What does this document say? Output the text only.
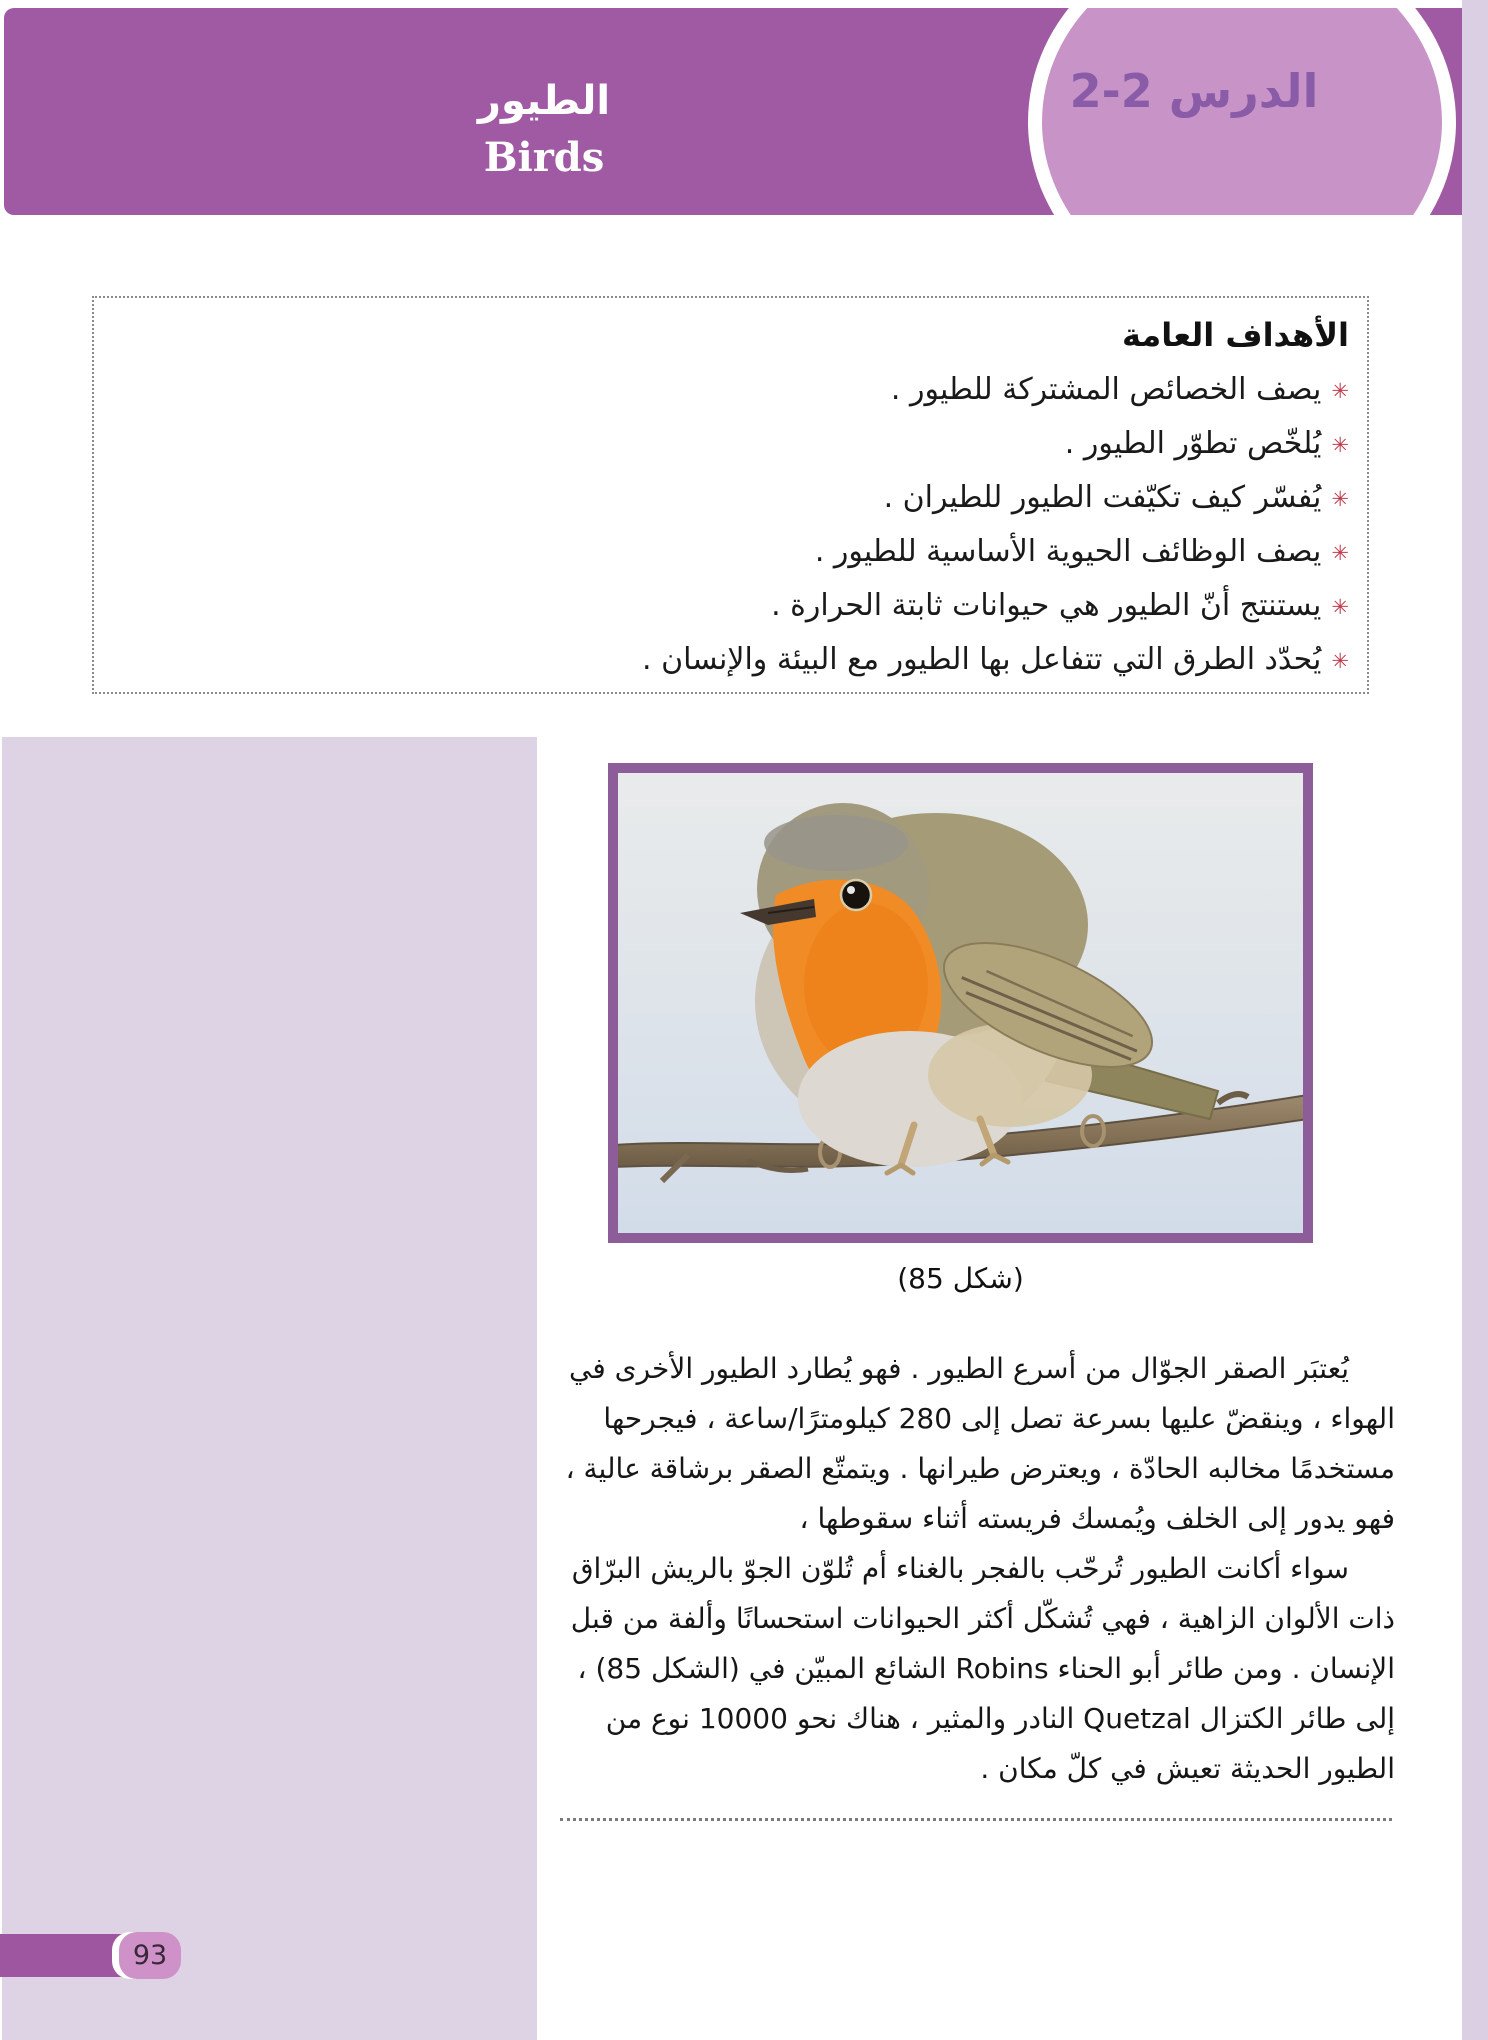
الدرس 2-2
الطيور
Birds
الأهداف العامة
✳
يصف الخصائص المشتركة للطيور .
✳
يُلخّص تطوّر الطيور .
✳
يُفسّر كيف تكيّفت الطيور للطيران .
✳
يصف الوظائف الحيوية الأساسية للطيور .
✳
يستنتج أنّ الطيور هي حيوانات ثابتة الحرارة .
✳
يُحدّد الطرق التي تتفاعل بها الطيور مع البيئة والإنسان .
(شكل 85)
يُعتبَر الصقر الجوّال من أسرع الطيور . فهو يُطارد الطيور الأخرى في
الهواء ، وينقضّ عليها بسرعة تصل إلى 280 كيلومترًا/ساعة ، فيجرحها
مستخدمًا مخالبه الحادّة ، ويعترض طيرانها . ويتمتّع الصقر برشاقة عالية ،
فهو يدور إلى الخلف ويُمسك فريسته أثناء سقوطها ،
سواء أكانت الطيور تُرحّب بالفجر بالغناء أم تُلوّن الجوّ بالريش البرّاق
ذات الألوان الزاهية ، فهي تُشكّل أكثر الحيوانات استحسانًا وألفة من قبل
الإنسان . ومن طائر أبو الحناء Robins الشائع المبيّن في (الشكل 85) ،
إلى طائر الكتزال Quetzal النادر والمثير ، هناك نحو 10000 نوع من
الطيور الحديثة تعيش في كلّ مكان .
93
